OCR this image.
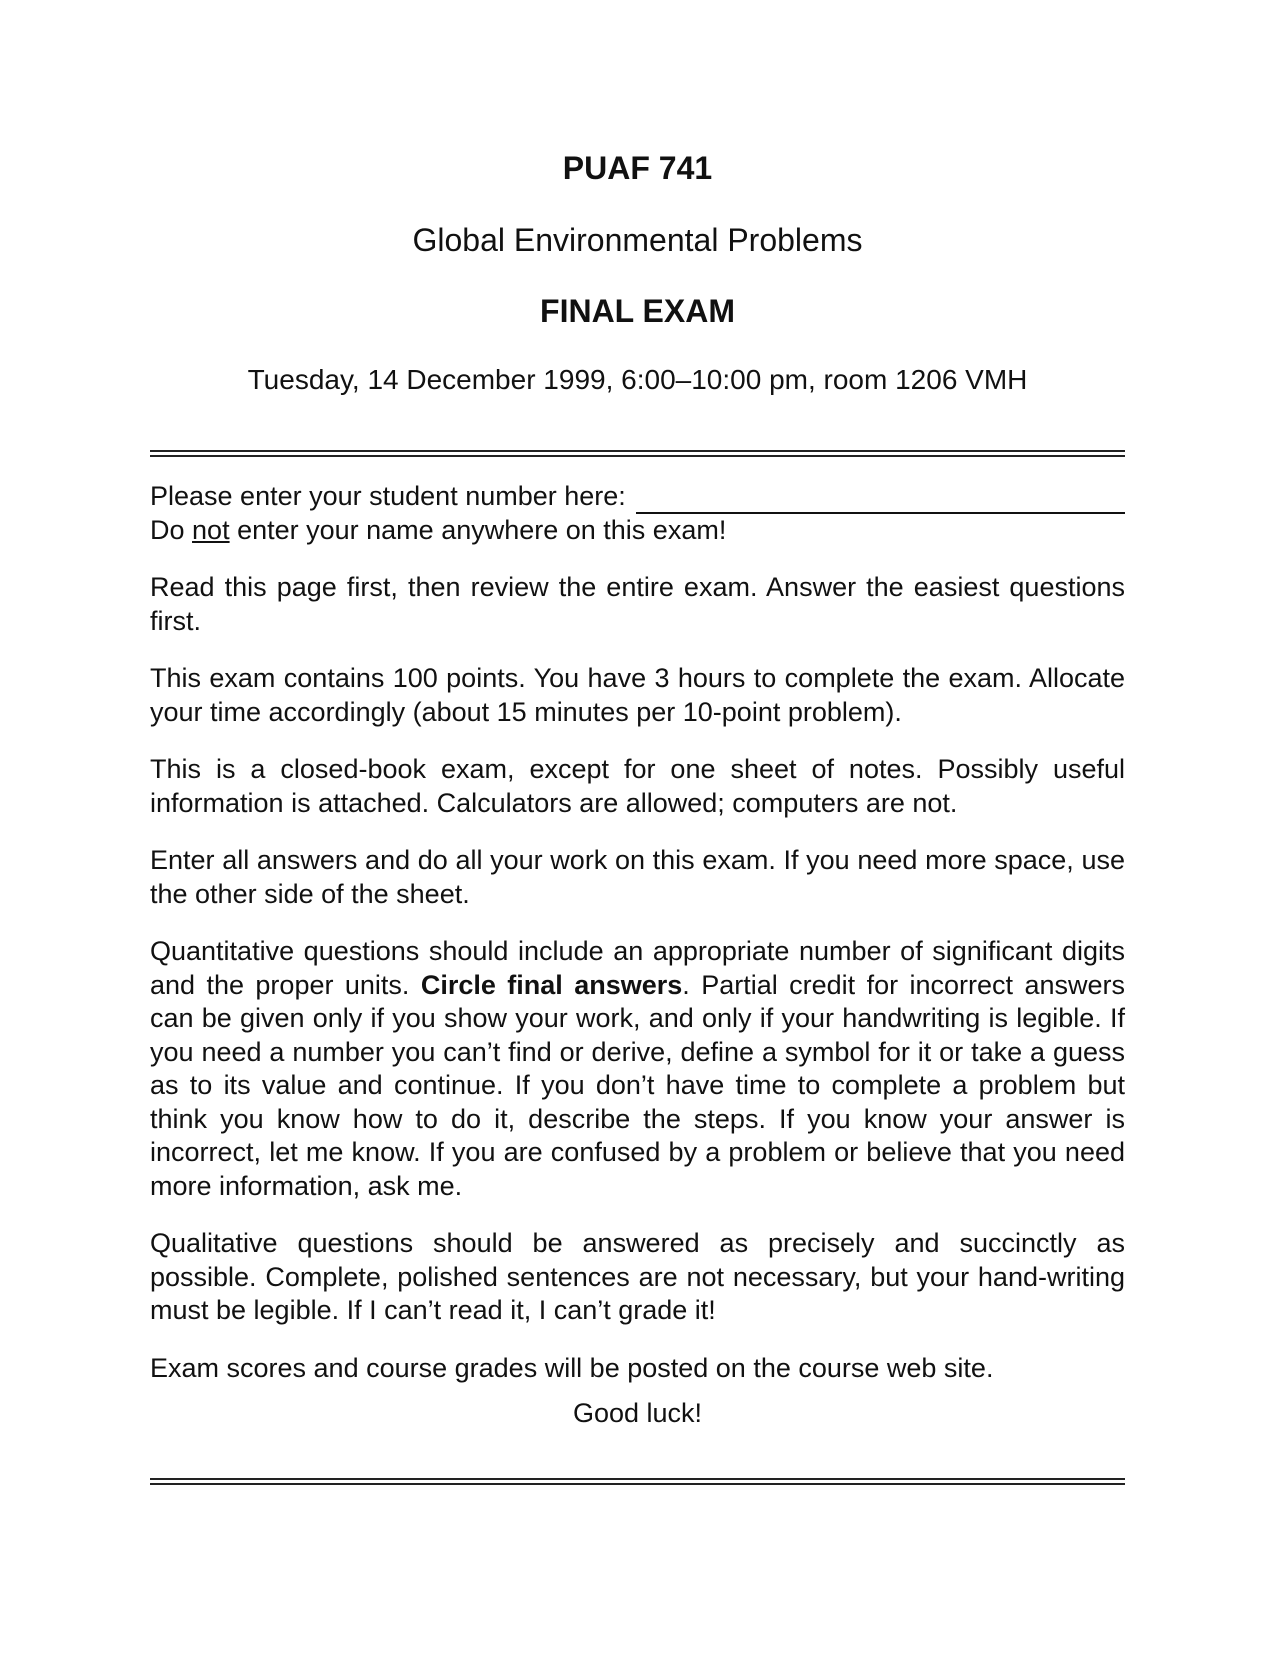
PUAF 741

Global Environmental Problems

FINAL EXAM

Tuesday, 14 December 1999, 6:00–10:00 pm, room 1206 VMH

Please enter your student number here:

Do not enter your name anywhere on this exam!

Read this page first, then review the entire exam. Answer the easiest questions first.

This exam contains 100 points. You have 3 hours to complete the exam. Allocate your time accordingly (about 15 minutes per 10-point problem).

This is a closed-book exam, except for one sheet of notes. Possibly useful information is attached. Calculators are allowed; computers are not.

Enter all answers and do all your work on this exam. If you need more space, use the other side of the sheet.

Quantitative questions should include an appropriate number of significant digits and the proper units. Circle final answers. Partial credit for incorrect answers can be given only if you show your work, and only if your handwriting is legible. If you need a number you can’t find or derive, define a symbol for it or take a guess as to its value and continue. If you don’t have time to complete a problem but think you know how to do it, describe the steps. If you know your answer is incorrect, let me know. If you are confused by a problem or believe that you need more information, ask me.

Qualitative questions should be answered as precisely and succinctly as possible. Complete, polished sentences are not necessary, but your hand-writing must be legible. If I can’t read it, I can’t grade it!

Exam scores and course grades will be posted on the course web site.

Good luck!
